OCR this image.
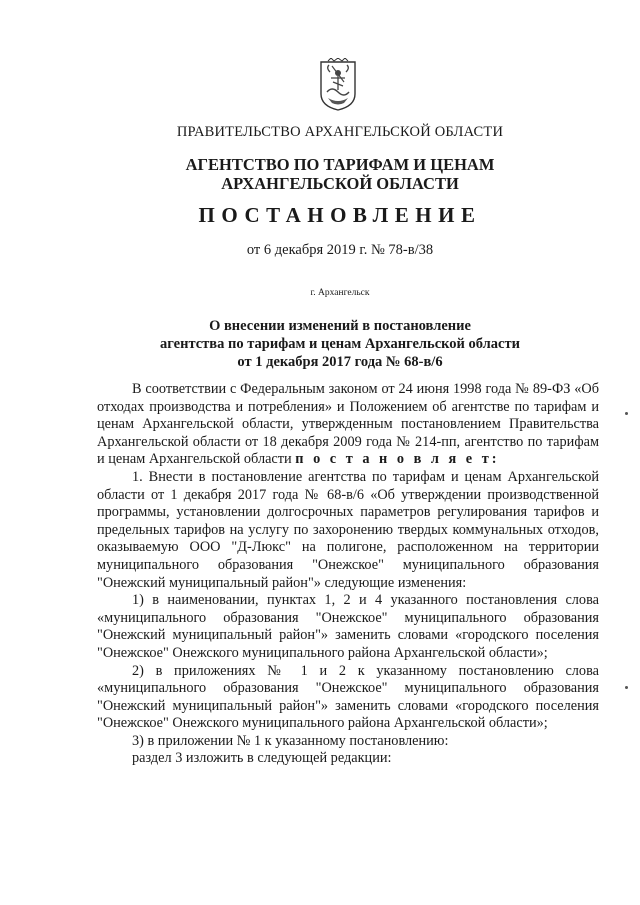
ПРАВИТЕЛЬСТВО АРХАНГЕЛЬСКОЙ ОБЛАСТИ
АГЕНТСТВО ПО ТАРИФАМ И ЦЕНАМ
АРХАНГЕЛЬСКОЙ ОБЛАСТИ
ПОСТАНОВЛЕНИЕ
от 6 декабря 2019 г. № 78-в/38
г. Архангельск
О внесении изменений в постановление
агентства по тарифам и ценам Архангельской области
от 1 декабря 2017 года № 68-в/6

В соответствии с Федеральным законом от 24 июня 1998 года № 89-ФЗ «Об отходах производства и потребления» и Положением об агентстве по тарифам и ценам Архангельской области, утвержденным постановлением Правительства Архангельской области от 18 декабря 2009 года № 214-пп, агентство по тарифам и ценам Архангельской области п о с т а н о в л я е т:

1. Внести в постановление агентства по тарифам и ценам Архангельской области от 1 декабря 2017 года № 68-в/6 «Об утверждении производственной программы, установлении долгосрочных параметров регулирования тарифов и предельных тарифов на услугу по захоронению твердых коммунальных отходов, оказываемую ООО "Д-Люкс" на полигоне, расположенном на территории муниципального образования "Онежское" муниципального образования "Онежский муниципальный район"» следующие изменения:

1) в наименовании, пунктах 1, 2 и 4 указанного постановления слова «муниципального образования "Онежское" муниципального образования "Онежский муниципальный район"» заменить словами «городского поселения "Онежское" Онежского муниципального района Архангельской области»;

2) в приложениях № 1 и 2 к указанному постановлению слова «муниципального образования "Онежское" муниципального образования "Онежский муниципальный район"» заменить словами «городского поселения "Онежское" Онежского муниципального района Архангельской области»;

3) в приложении № 1 к указанному постановлению:

раздел 3 изложить в следующей редакции:
